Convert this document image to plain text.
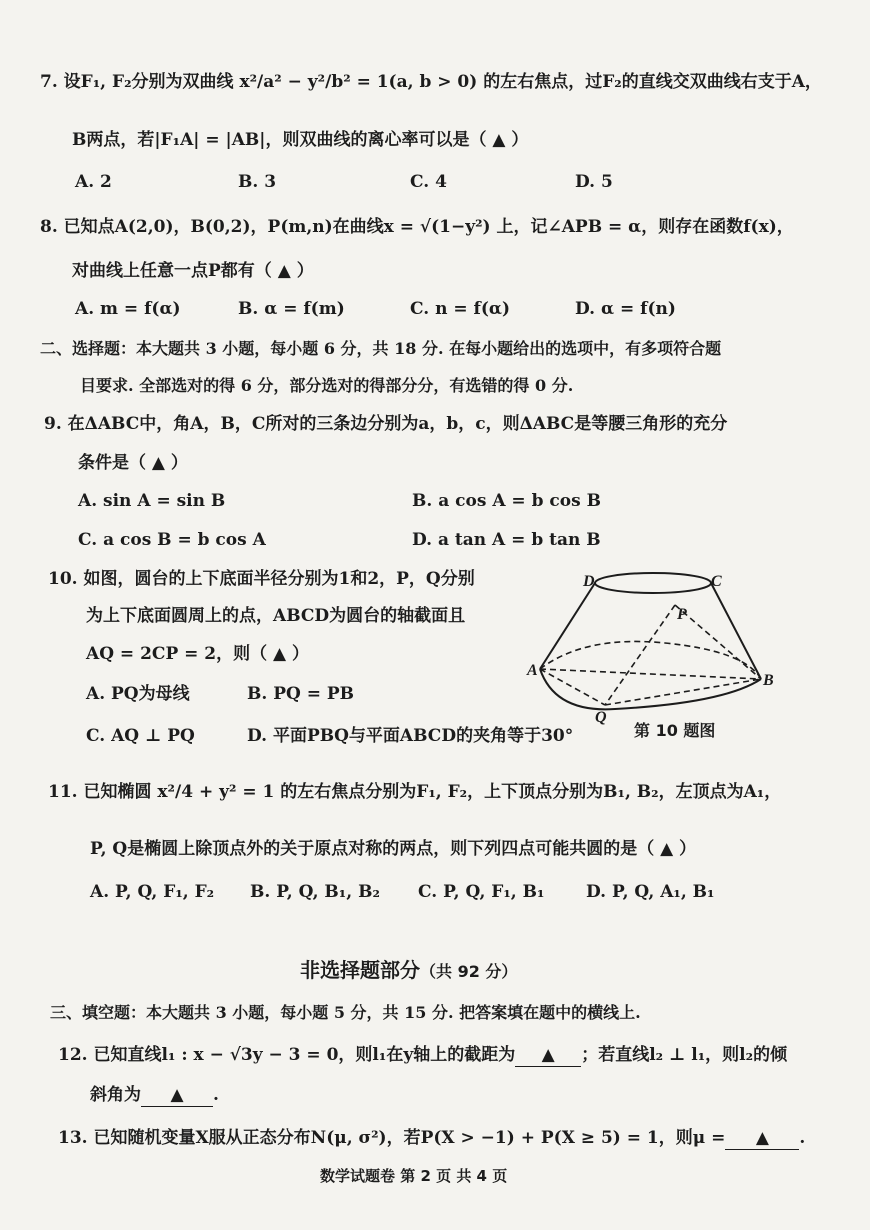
7. 设F₁, F₂分别为双曲线 x²/a² − y²/b² = 1(a, b > 0) 的左右焦点，过F₂的直线交双曲线右支于A，
B两点，若|F₁A| = |AB|，则双曲线的离心率可以是（ ▲ ）
A. 2	B. 3	C. 4	D. 5
8. 已知点A(2,0)，B(0,2)，P(m,n)在曲线x = √(1−y²) 上，记∠APB = α，则存在函数f(x)，
对曲线上任意一点P都有（ ▲ ）
A. m = f(α)	B. α = f(m)	C. n = f(α)	D. α = f(n)
二、选择题：本大题共 3 小题，每小题 6 分，共 18 分. 在每小题给出的选项中，有多项符合题
目要求. 全部选对的得 6 分，部分选对的得部分分，有选错的得 0 分.
9. 在ΔABC中，角A，B，C所对的三条边分别为a，b，c，则ΔABC是等腰三角形的充分
条件是（ ▲ ）
A. sin A = sin B	B. a cos A = b cos B
C. a cos B = b cos A	D. a tan A = b tan B
10. 如图，圆台的上下底面半径分别为1和2，P，Q分别
为上下底面圆周上的点，ABCD为圆台的轴截面且
AQ = 2CP = 2，则（ ▲ ）
A. PQ为母线	B. PQ = PB
C. AQ ⊥ PQ	D. 平面PBQ与平面ABCD的夹角等于30°
D	C
P
A
B
Q
第 10 题图
11. 已知椭圆 x²/4 + y² = 1 的左右焦点分别为F₁, F₂，上下顶点分别为B₁, B₂，左顶点为A₁，
P, Q是椭圆上除顶点外的关于原点对称的两点，则下列四点可能共圆的是（ ▲ ）
A. P, Q, F₁, F₂ B. P, Q, B₁, B₂ C. P, Q, F₁, B₁ D. P, Q, A₁, B₁
非选择题部分（共 92 分）
三、填空题：本大题共 3 小题，每小题 5 分，共 15 分. 把答案填在题中的横线上.
12. 已知直线l₁ : x − √3y − 3 = 0，则l₁在y轴上的截距为 ▲ ；若直线l₂ ⊥ l₁，则l₂的倾
斜角为 ▲ .
13. 已知随机变量X服从正态分布N(μ, σ²)，若P(X > −1) + P(X ≥ 5) = 1，则μ = ▲ .
数学试题卷 第 2 页 共 4 页
